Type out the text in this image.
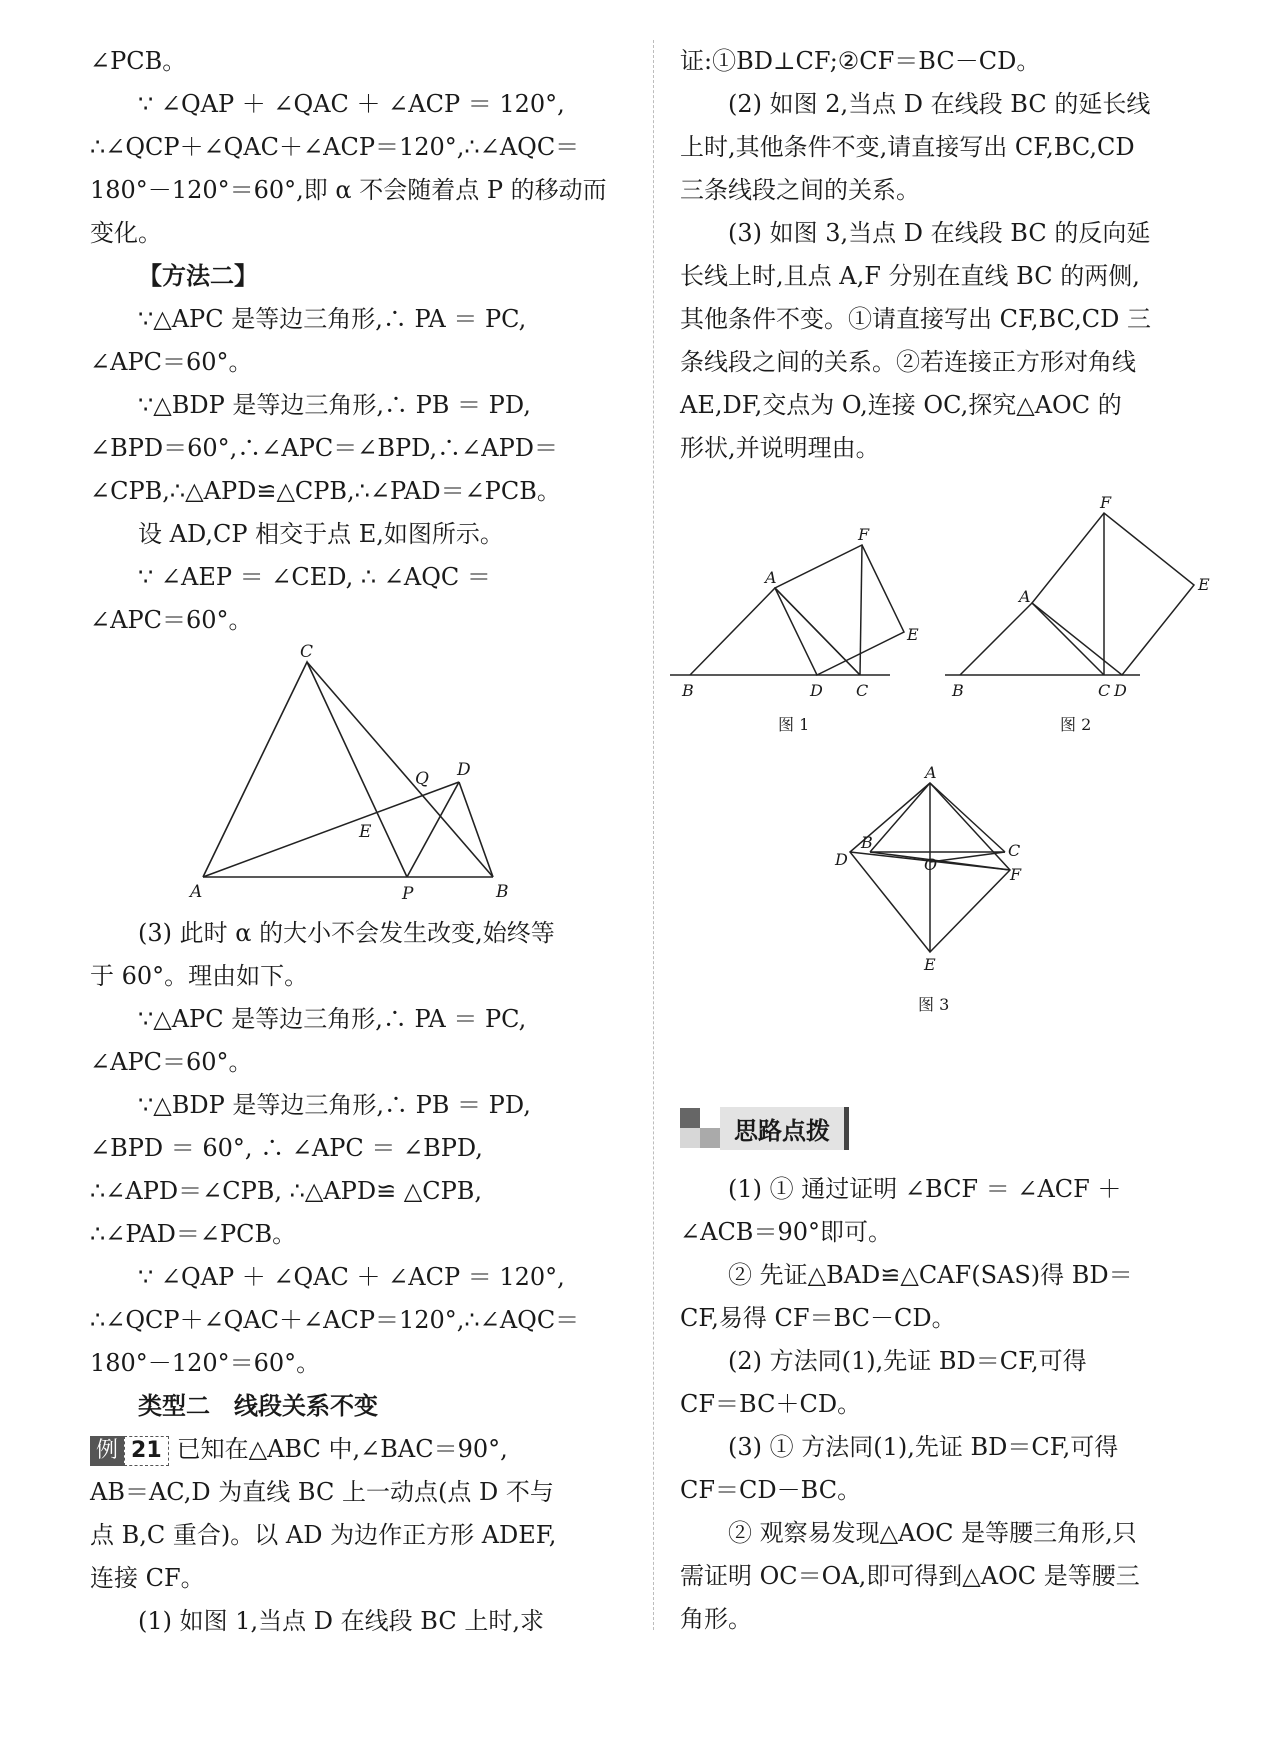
∠PCB。

∵ ∠QAP ＋ ∠QAC ＋ ∠ACP ＝ 120°,

∴∠QCP＋∠QAC＋∠ACP＝120°,∴∠AQC＝

180°－120°＝60°,即 α 不会随着点 P 的移动而

变化。

【方法二】

∵△APC 是等边三角形,∴ PA ＝ PC,

∠APC＝60°。

∵△BDP 是等边三角形,∴ PB ＝ PD,

∠BPD＝60°,∴∠APC＝∠BPD,∴∠APD＝

∠CPB,∴△APD≌△CPB,∴∠PAD＝∠PCB。

设 AD,CP 相交于点 E,如图所示。

∵ ∠AEP ＝ ∠CED, ∴ ∠AQC ＝

∠APC＝60°。

C
A	P	B
D
Q
E

(3) 此时 α 的大小不会发生改变,始终等

于 60°。理由如下。

∵△APC 是等边三角形,∴ PA ＝ PC,

∠APC＝60°。

∵△BDP 是等边三角形,∴ PB ＝ PD,

∠BPD ＝ 60°, ∴ ∠APC ＝ ∠BPD,

∴∠APD＝∠CPB, ∴△APD≌ △CPB,

∴∠PAD＝∠PCB。

∵ ∠QAP ＋ ∠QAC ＋ ∠ACP ＝ 120°,

∴∠QCP＋∠QAC＋∠ACP＝120°,∴∠AQC＝

180°－120°＝60°。

类型二　线段关系不变

例 21 已知在△ABC 中,∠BAC＝90°,

AB＝AC,D 为直线 BC 上一动点(点 D 不与

点 B,C 重合)。以 AD 为边作正方形 ADEF,

连接 CF。

(1) 如图 1,当点 D 在线段 BC 上时,求

证:①BD⊥CF;②CF＝BC－CD。

(2) 如图 2,当点 D 在线段 BC 的延长线

上时,其他条件不变,请直接写出 CF,BC,CD

三条线段之间的关系。

(3) 如图 3,当点 D 在线段 BC 的反向延

长线上时,且点 A,F 分别在直线 BC 的两侧,

其他条件不变。①请直接写出 CF,BC,CD 三

条线段之间的关系。②若连接正方形对角线

AE,DF,交点为 O,连接 OC,探究△AOC 的

形状,并说明理由。

B
A
D C
F
E
图 1
B
A
C D
F
E
图 2
A
B
D	C
F
O
E
图 3
思路点拨

(1) ① 通过证明 ∠BCF ＝ ∠ACF ＋

∠ACB＝90°即可。

② 先证△BAD≌△CAF(SAS)得 BD＝

CF,易得 CF＝BC－CD。

(2) 方法同(1),先证 BD＝CF,可得

CF＝BC＋CD。

(3) ① 方法同(1),先证 BD＝CF,可得

CF＝CD－BC。

② 观察易发现△AOC 是等腰三角形,只

需证明 OC＝OA,即可得到△AOC 是等腰三

角形。
